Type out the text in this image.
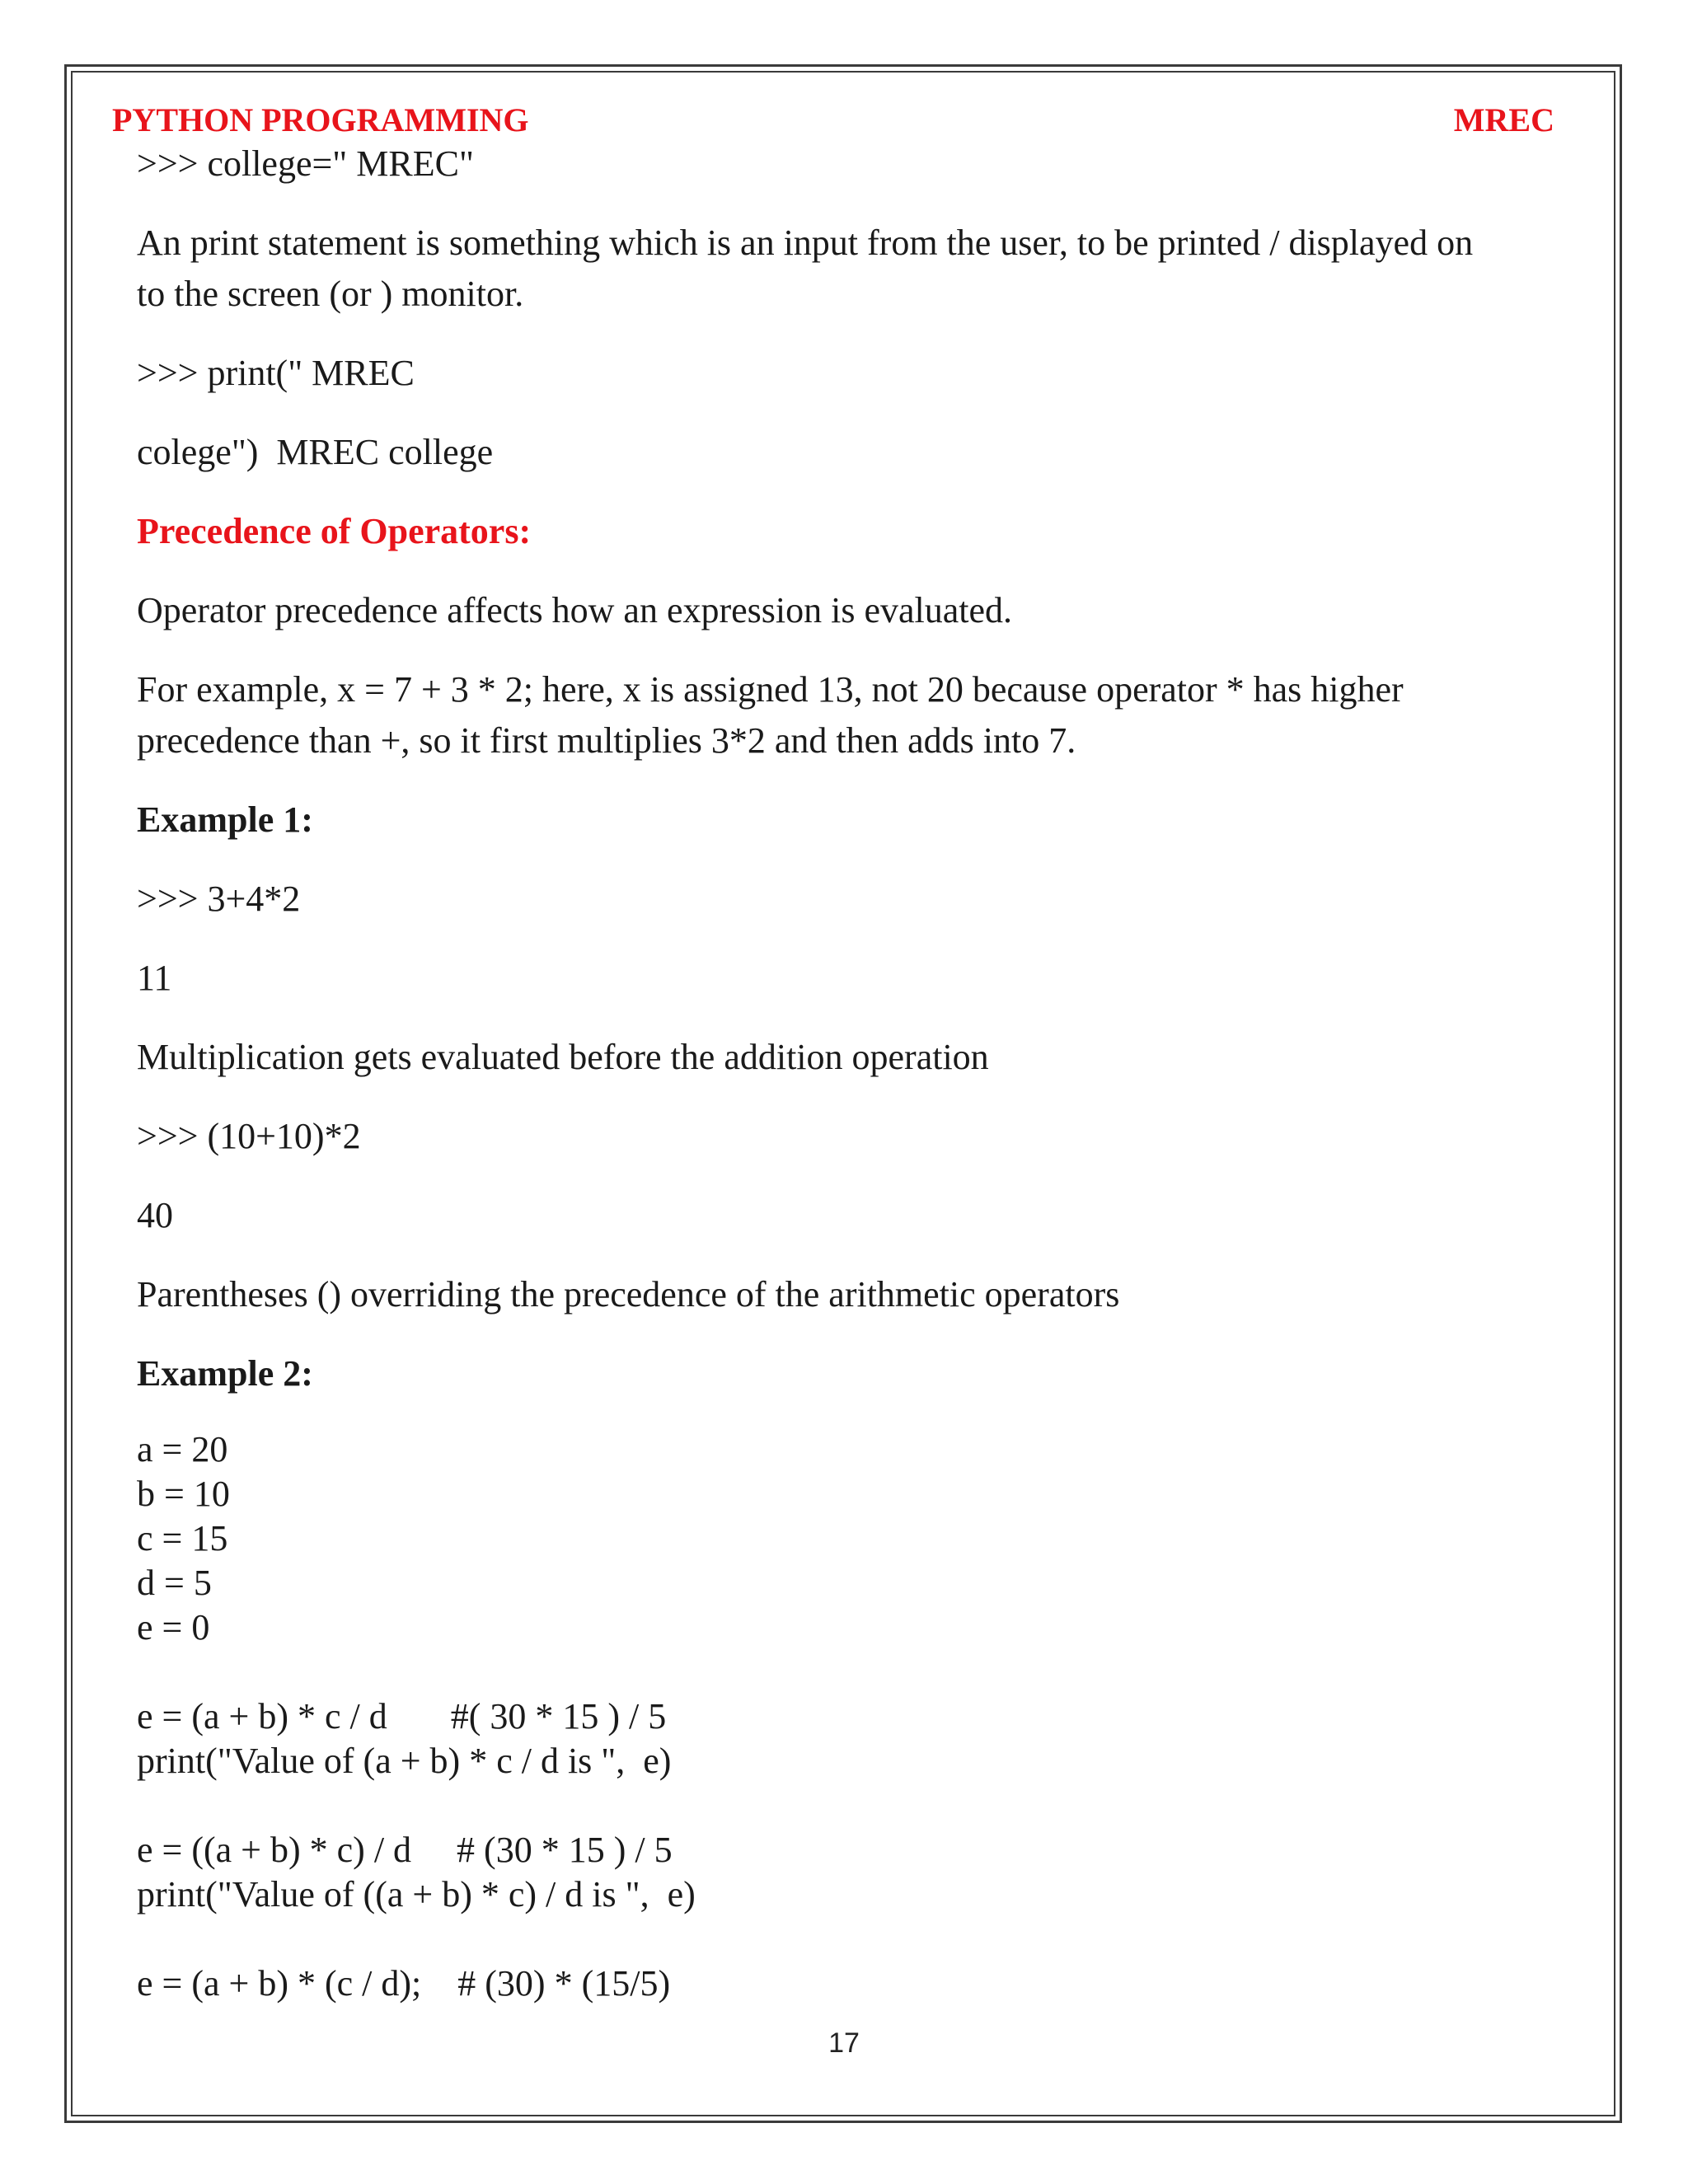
PYTHON PROGRAMMING	MREC

>>> college=" MREC"

An print statement is something which is an input from the user, to be printed / displayed on

to the screen (or ) monitor.

>>> print(" MREC

colege")  MREC college

Precedence of Operators:

Operator precedence affects how an expression is evaluated.

For example, x = 7 + 3 * 2; here, x is assigned 13, not 20 because operator * has higher

precedence than +, so it first multiplies 3*2 and then adds into 7.

Example 1:

>>> 3+4*2

11

Multiplication gets evaluated before the addition operation

>>> (10+10)*2

40

Parentheses () overriding the precedence of the arithmetic operators

Example 2:

a = 20
b = 10
c = 15
d = 5
e = 0
e = (a + b) * c / d       #( 30 * 15 ) / 5
print("Value of (a + b) * c / d is ",  e)
e = ((a + b) * c) / d     # (30 * 15 ) / 5
print("Value of ((a + b) * c) / d is ",  e)
e = (a + b) * (c / d);    # (30) * (15/5)
17
